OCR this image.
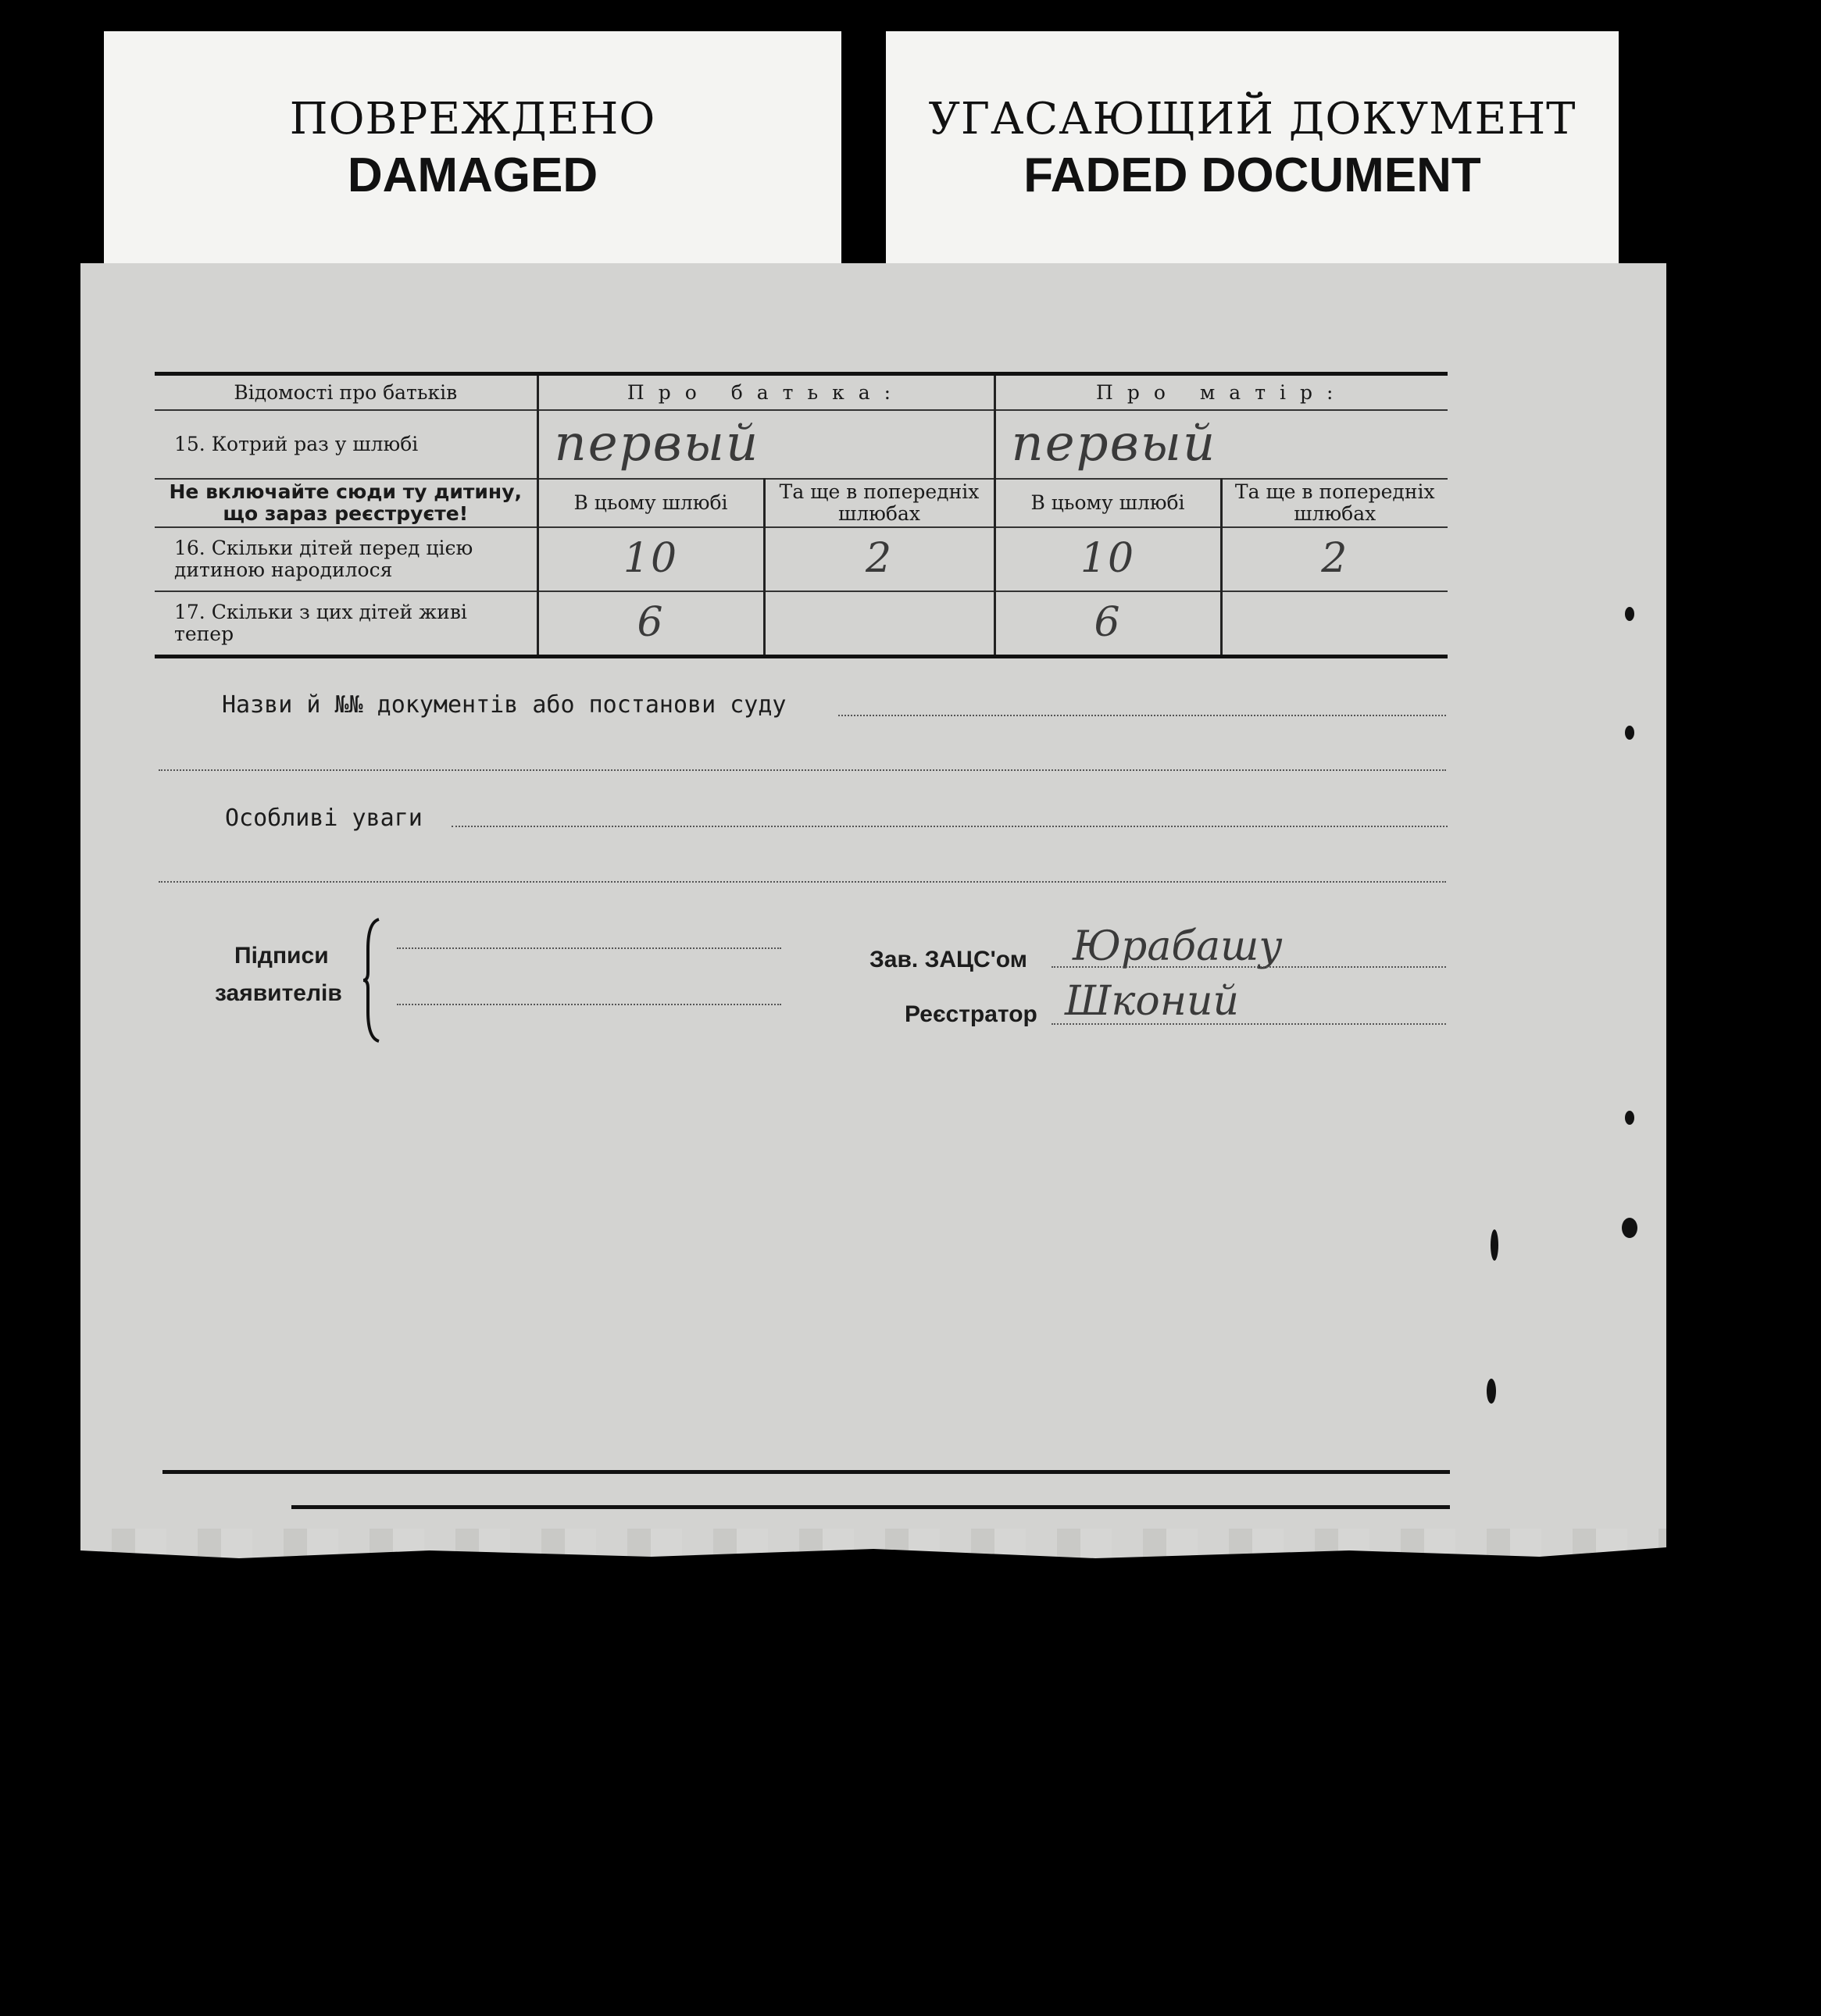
ПОВРЕЖДЕНО
DAMAGED
УГАСАЮЩИЙ ДОКУМЕНТ
FADED DOCUMENT
Відомості про батьків	Про батька:		Про матір:	
15. Котрий раз у шлюбі	первый		первый	
Не включайте сюди ту дитину, що зараз реєструєте!	В цьому шлюбі	Та ще в попередніх шлюбах	В цьому шлюбі	Та ще в попередніх шлюбах
16. Скільки дітей перед цією дитиною народилося	10	2	10	2
17. Скільки з цих дітей живі тепер	6		6	
Назви й №№ документів або постанови суду
Особливі уваги
Підписи
заявителів
Зав. ЗАЦС'ом Юрабашу
Реєстратор Шконий
